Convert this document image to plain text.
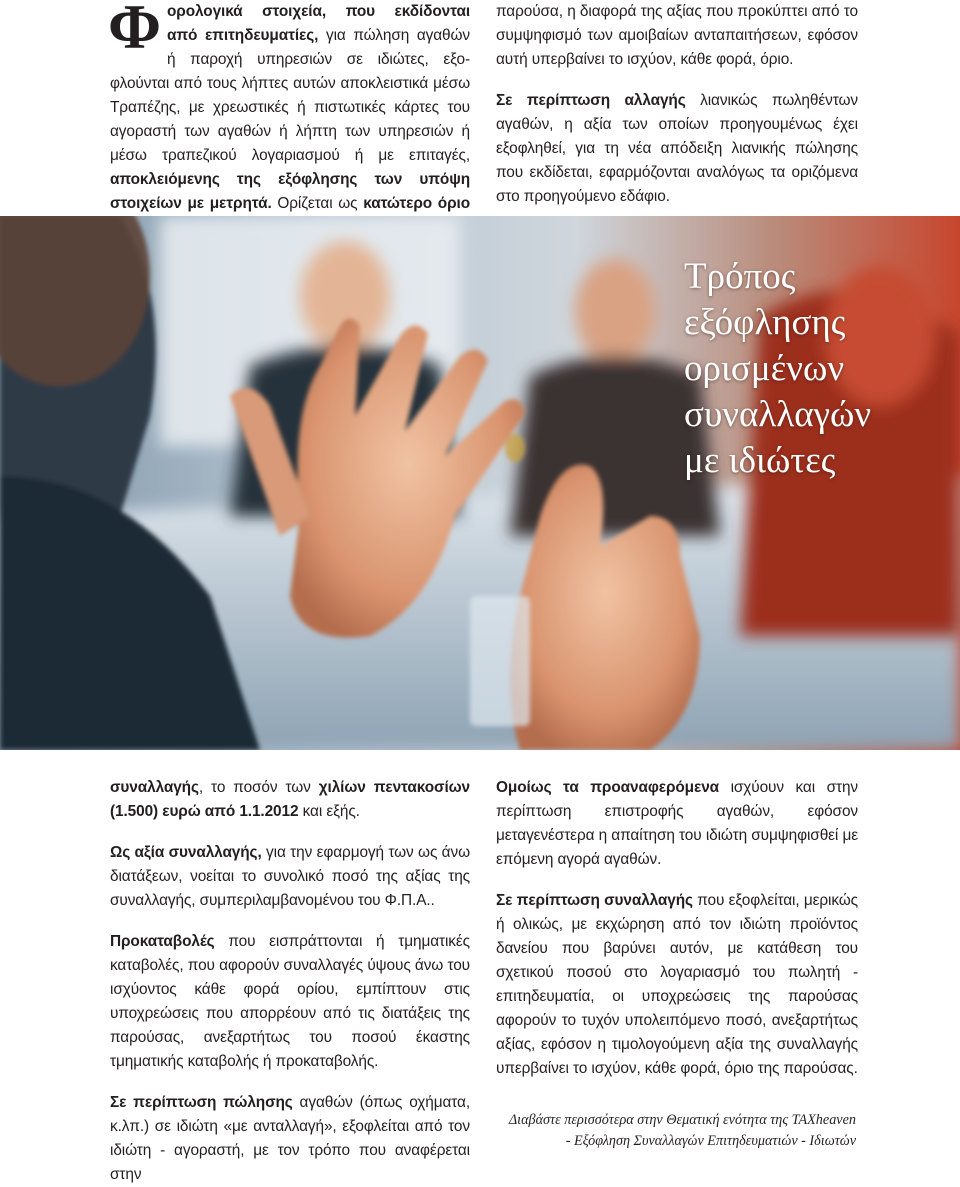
Φ ορολογικά στοιχεία, που εκδίδονται
από επιτηδευματίες, για πώληση αγαθών
ή παροχή υπηρεσιών σε ιδιώτες, εξο-
φλούνται από τους λήπτες αυτών αποκλειστικά μέσω
Τραπέζης, με χρεωστικές ή πιστωτικές κάρτες του
αγοραστή των αγαθών ή λήπτη των υπηρεσιών ή
μέσω τραπεζικού λογαριασμού ή με επιταγές,
αποκλειόμενης της εξόφλησης των υπόψη
στοιχείων με μετρητά. Ορίζεται ως κατώτερο όριο

παρούσα, η διαφορά της αξίας που προκύπτει από το συμψηφισμό των αμοιβαίων ανταπαιτήσεων, εφόσον αυτή υπερβαίνει το ισχύον, κάθε φορά, όριο.

Σε περίπτωση αλλαγής λιανικώς πωληθέντων αγαθών, η αξία των οποίων προηγουμένως έχει εξοφληθεί, για τη νέα απόδειξη λιανικής πώλησης που εκδίδεται, εφαρμόζονται αναλόγως τα οριζόμενα στο προηγούμενο εδάφιο.

Τρόπος
εξόφλησης
ορισμένων
συναλλαγών
με ιδιώτες

συναλλαγής, το ποσόν των χιλίων πεντακοσίων (1.500) ευρώ από 1.1.2012 και εξής.

Ως αξία συναλλαγής, για την εφαρμογή των ως άνω διατάξεων, νοείται το συνολικό ποσό της αξίας της συναλλαγής, συμπεριλαμβανομένου του Φ.Π.Α..

Προκαταβολές που εισπράττονται ή τμηματικές καταβολές, που αφορούν συναλλαγές ύψους άνω του ισχύοντος κάθε φορά ορίου, εμπίπτουν στις υποχρεώσεις που απορρέουν από τις διατάξεις της παρούσας, ανεξαρτήτως του ποσού έκαστης τμηματικής καταβολής ή προκαταβολής.

Σε περίπτωση πώλησης αγαθών (όπως οχήματα, κ.λπ.) σε ιδιώτη «με ανταλλαγή», εξοφλείται από τον ιδιώτη - αγοραστή, με τον τρόπο που αναφέρεται στην

Ομοίως τα προαναφερόμενα ισχύουν και στην περίπτωση επιστροφής αγαθών, εφόσον μεταγενέστερα η απαίτηση του ιδιώτη συμψηφισθεί με επόμενη αγορά αγαθών.

Σε περίπτωση συναλλαγής που εξοφλείται, μερικώς ή ολικώς, με εκχώρηση από τον ιδιώτη προϊόντος δανείου που βαρύνει αυτόν, με κατάθεση του σχετικού ποσού στο λογαριασμό του πωλητή - επιτηδευματία, οι υποχρεώσεις της παρούσας αφορούν το τυχόν υπολειπόμενο ποσό, ανεξαρτήτως αξίας, εφόσον η τιμολογούμενη αξία της συναλλαγής υπερβαίνει το ισχύον, κάθε φορά, όριο της παρούσας.

Διαβάστε περισσότερα στην Θεματική ενότητα της TAXheaven
- Εξόφληση Συναλλαγών Επιτηδευματιών - Ιδιωτών
